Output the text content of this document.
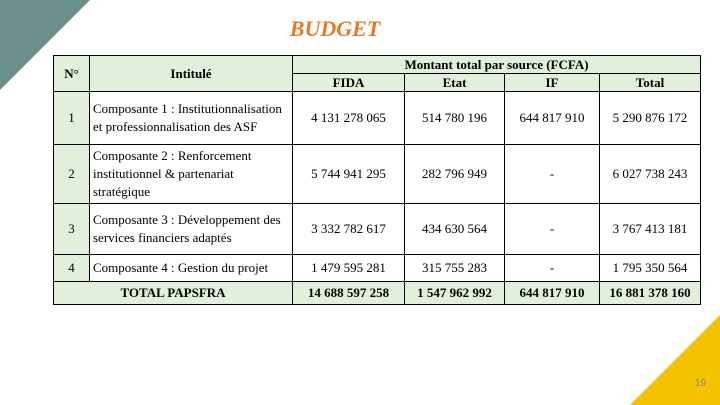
BUDGET
N°	Intitulé	Montant total par source (FCFA)			
		FIDA	Etat	IF	Total
1	Composante 1 : Institutionnalisation et professionnalisation des ASF	4 131 278 065	514 780 196	644 817 910	5 290 876 172
2	Composante 2 : Renforcement institutionnel & partenariat stratégique	5 744 941 295	282 796 949	-	6 027 738 243
3	Composante 3 : Développement des services financiers adaptés	3 332 782 617	434 630 564	-	3 767 413 181
4	Composante 4 : Gestion du projet	1 479 595 281	315 755 283	-	1 795 350 564
TOTAL PAPSFRA		14 688 597 258	1 547 962 992	644 817 910	16 881 378 160
19
